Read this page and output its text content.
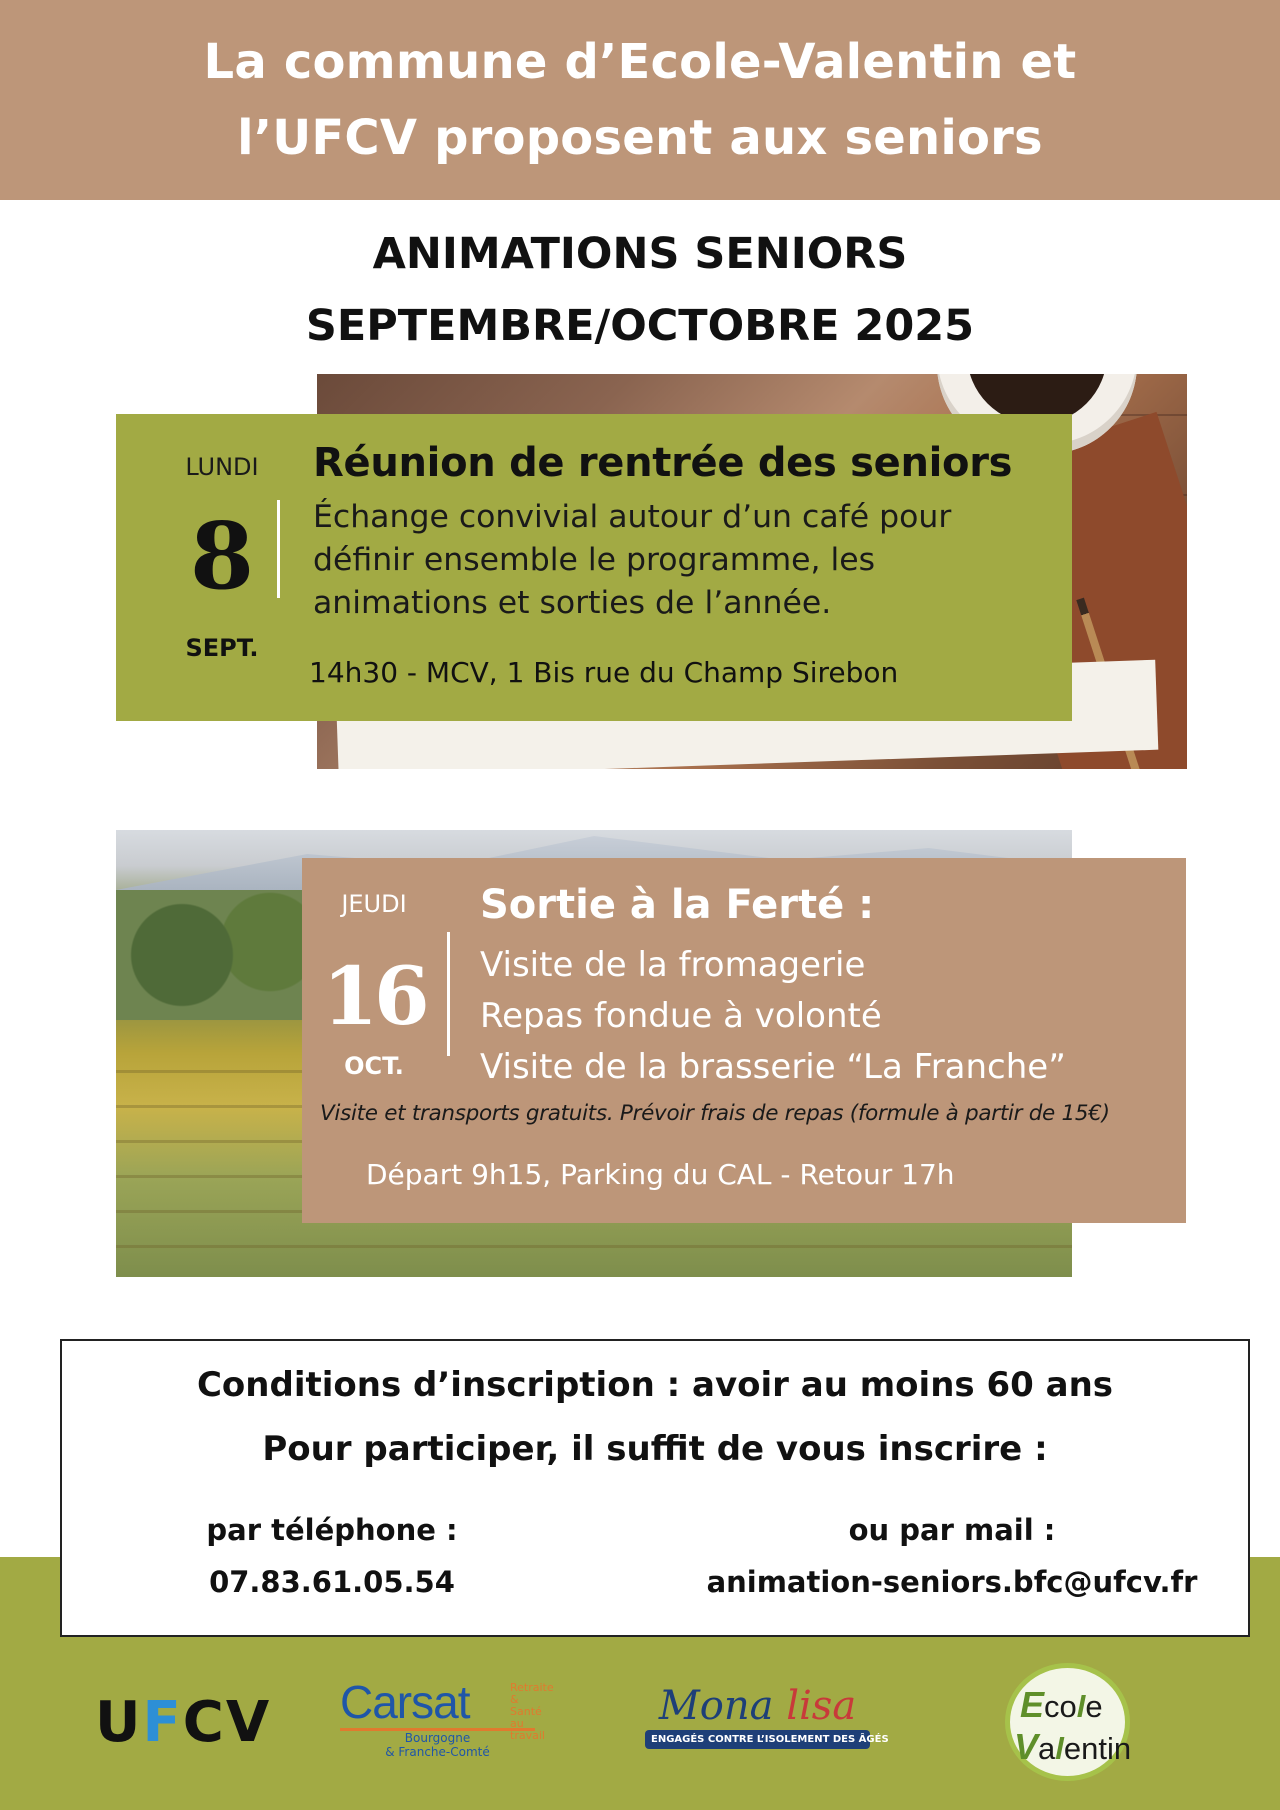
La commune d’Ecole-Valentin et
l’UFCV proposent aux seniors
ANIMATIONS SENIORS
SEPTEMBRE/OCTOBRE 2025
LUNDI
8
SEPT.
Réunion de rentrée des seniors
Échange convivial autour d’un café pour
définir ensemble le programme, les
animations et sorties de l’année.
14h30 - MCV, 1 Bis rue du Champ Sirebon
JEUDI
16
OCT.
Sortie à la Ferté :
Visite de la fromagerie
Repas fondue à volonté
Visite de la brasserie “La Franche”
Visite et transports gratuits. Prévoir frais de repas (formule à partir de 15€)
Départ 9h15, Parking du CAL - Retour 17h
Conditions d’inscription : avoir au moins 60 ans
Pour participer, il suffit de vous inscrire :
par téléphone :
07.83.61.05.54
ou par mail :
animation-seniors.bfc@ufcv.fr
UFCV Carsat	Retraite
& Santé
au travail
Bourgogne
& Franche-Comté
Mona lisa
ENGAGÉS CONTRE L’ISOLEMENT DES ÂGÉS
Ecole
Valentin
